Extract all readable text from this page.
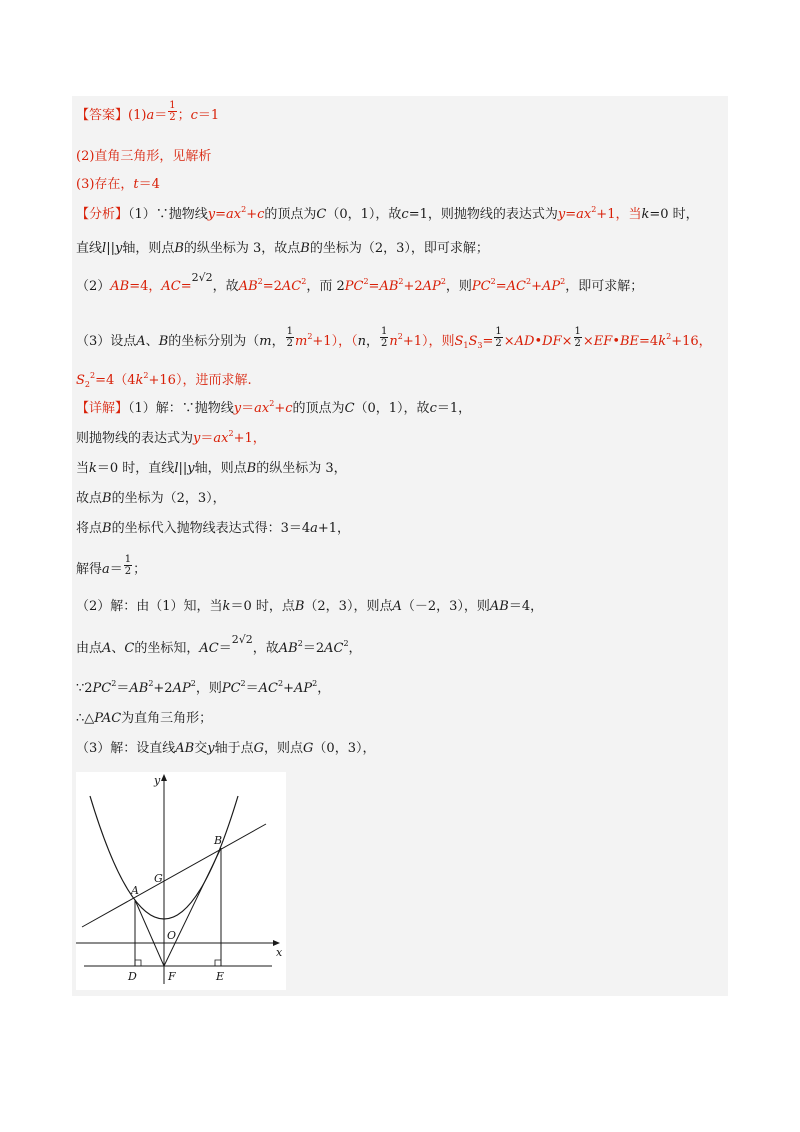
【答案】$(1)a= \frac{1}{2}$ ；c＝1
(2)直角三角形，见解析
(3)存在，t＝4
【分析】（1）∵抛物线$y=ax^2+c$的顶点为C（0，1），故c=1，则抛物线的表达式为$y=ax^2+1$，当k=0 时，
直线l||y轴，则点B的纵坐标为 3，故点B的坐标为（2，3），即可求解；
（2）AB=4，AC=2√2，故$AB^2=2AC^2$，而 $2PC^2=AB^2+2AP^2$，则$PC^2=AC^2+AP^2$，即可求解；
（3）设点A、B的坐标分别为（m， $\frac{1}{2} m^2+1$），（n， $\frac{1}{2} n^2+1$），则$S_1S_3= \frac{1}{2}$ ×AD•DF× $\frac{1}{2}$ $\times EF•BE=4k^2+16$，
$S_2^2=4(4k^2+16)$，进而求解.
【详解】（1）解：∵抛物线$y=ax^2+c$的顶点为C（0，1），故c＝1，
则抛物线的表达式为$y=ax^2+1$，
当k＝0 时，直线l||y轴，则点B的纵坐标为 3，
故点B的坐标为（2，3），
将点B的坐标代入抛物线表达式得：3＝4a+1，
解得$a= \frac{1}{2}$ ；
（2）解：由（1）知，当k＝0 时，点B（2，3），则点A（－2，3），则AB＝4，
由点A、C的坐标知，AC＝2√2，故$AB^2=2AC^2$，
$\because 2PC^2=AB^2+2AP^2$，则$PC^2=AC^2+AP^2$，
∴△PAC为直角三角形；
（3）解：设直线AB交y轴于点G，则点G（0，3），
y
x
B
G
A
O
D	F	E
